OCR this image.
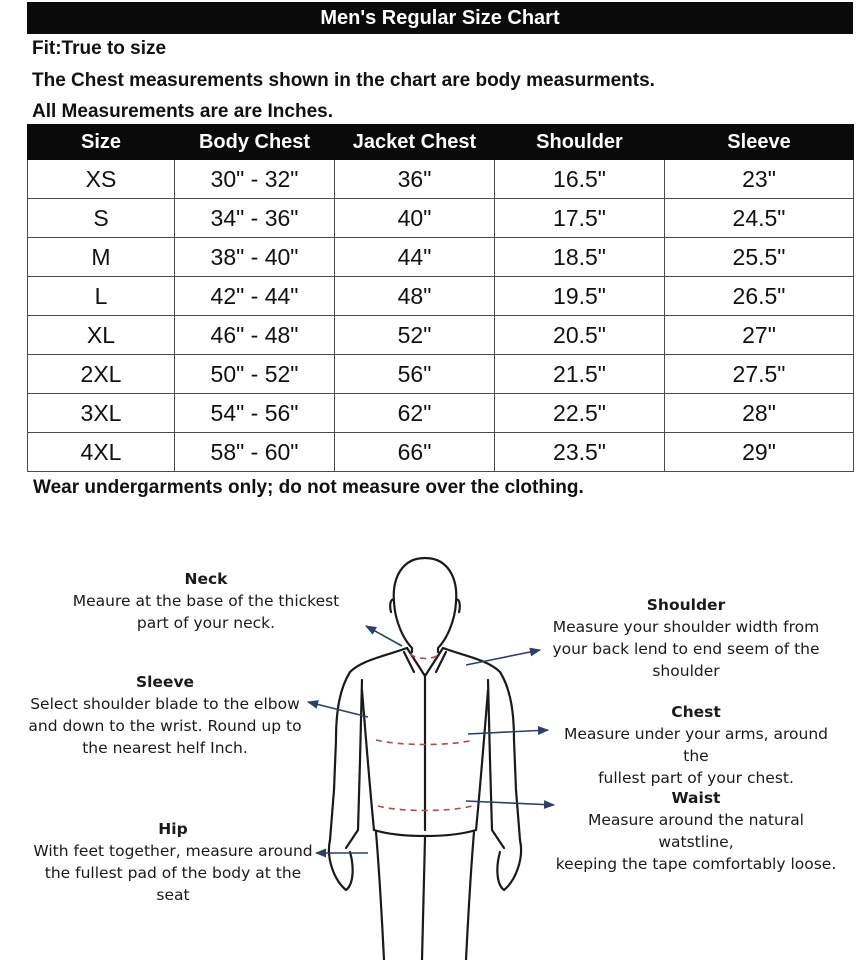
Men's Regular Size Chart
Fit:True to size
The Chest measurements shown in the chart are body measurments.
All Measurements are are Inches.
Size	Body Chest	Jacket Chest	Shoulder	Sleeve
XS	30" - 32"	36"	16.5"	23"
S	34" - 36"	40"	17.5"	24.5"
M	38" - 40"	44"	18.5"	25.5"
L	42" - 44"	48"	19.5"	26.5"
XL	46" - 48"	52"	20.5"	27"
2XL	50" - 52"	56"	21.5"	27.5"
3XL	54" - 56"	62"	22.5"	28"
4XL	58" - 60"	66"	23.5"	29"
Wear undergarments only; do not measure over the clothing.
Neck
Meaure at the base of the thickest
part of your neck.
Sleeve
Select shoulder blade to the elbow
and down to the wrist. Round up to
the nearest helf Inch.
Hip
With feet together, measure around
the fullest pad of the body at the seat
Shoulder
Measure your shoulder width from
your back lend to end seem of the
shoulder
Chest
Measure under your arms, around the
fullest part of your chest.
Waist
Measure around the natural watstline,
keeping the tape comfortably loose.
